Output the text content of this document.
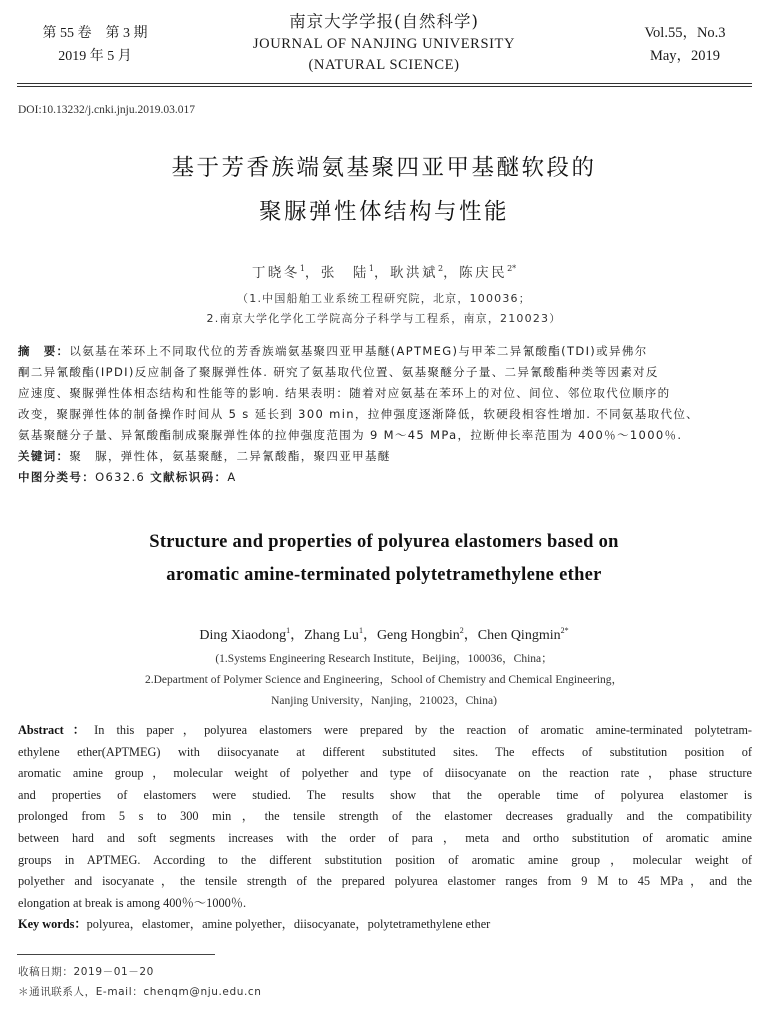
第 55 卷　第 3 期
2019 年 5 月
南京大学学报(自然科学)
JOURNAL OF NANJING UNIVERSITY
(NATURAL SCIENCE)
Vol.55，No.3
May，2019
DOI:10.13232/j.cnki.jnju.2019.03.017
基于芳香族端氨基聚四亚甲基醚软段的
聚脲弹性体结构与性能
丁晓冬$^1$，张　陆$^1$，耿洪斌$^2$，陈庆民$^{2*}$
（1.中国船舶工业系统工程研究院，北京，100036；
2.南京大学化学化工学院高分子科学与工程系，南京，210023）
摘　要：以氨基在苯环上不同取代位的芳香族端氨基聚四亚甲基醚(APTMEG)与甲苯二异氰酸酯(TDI)或异佛尔
酮二异氰酸酯(IPDI)反应制备了聚脲弹性体. 研究了氨基取代位置、氨基聚醚分子量、二异氰酸酯种类等因素对反
应速度、聚脲弹性体相态结构和性能等的影响. 结果表明：随着对应氨基在苯环上的对位、间位、邻位取代位顺序的
改变，聚脲弹性体的制备操作时间从 5 s 延长到 300 min，拉伸强度逐渐降低，软硬段相容性增加. 不同氨基取代位、
氨基聚醚分子量、异氰酸酯制成聚脲弹性体的拉伸强度范围为 9 M～45 MPa，拉断伸长率范围为 400％～1000％.
关键词：聚　脲，弹性体，氨基聚醚，二异氰酸酯，聚四亚甲基醚
中图分类号：O632.6 文献标识码：A
Structure and properties of polyurea elastomers based on
aromatic amine-terminated polytetramethylene ether
Ding Xiaodong$^1$，Zhang Lu$^1$，Geng Hongbin$^2$，Chen Qingmin$^{2*}$
(1.Systems Engineering Research Institute，Beijing，100036，China；
2.Department of Polymer Science and Engineering，School of Chemistry and Chemical Engineering，
Nanjing University，Nanjing，210023，China)
Abstract：In this paper，polyurea elastomers were prepared by the reaction of aromatic amine-terminated polytetram-
ethylene ether(APTMEG) with diisocyanate at different substituted sites. The effects of substitution position of
aromatic amine group，molecular weight of polyether and type of diisocyanate on the reaction rate，phase structure
and properties of elastomers were studied. The results show that the operable time of polyurea elastomer is
prolonged from 5 s to 300 min，the tensile strength of the elastomer decreases gradually and the compatibility
between hard and soft segments increases with the order of para，meta and ortho substitution of aromatic amine
groups in APTMEG. According to the different substitution position of aromatic amine group，molecular weight of
polyether and isocyanate，the tensile strength of the prepared polyurea elastomer ranges from 9 M to 45 MPa，and the
elongation at break is among 400％～1000％.
Key words：polyurea，elastomer，amine polyether，diisocyanate，polytetramethylene ether
收稿日期：2019－01－20
＊通讯联系人，E-mail：chenqm@nju.edu.cn
